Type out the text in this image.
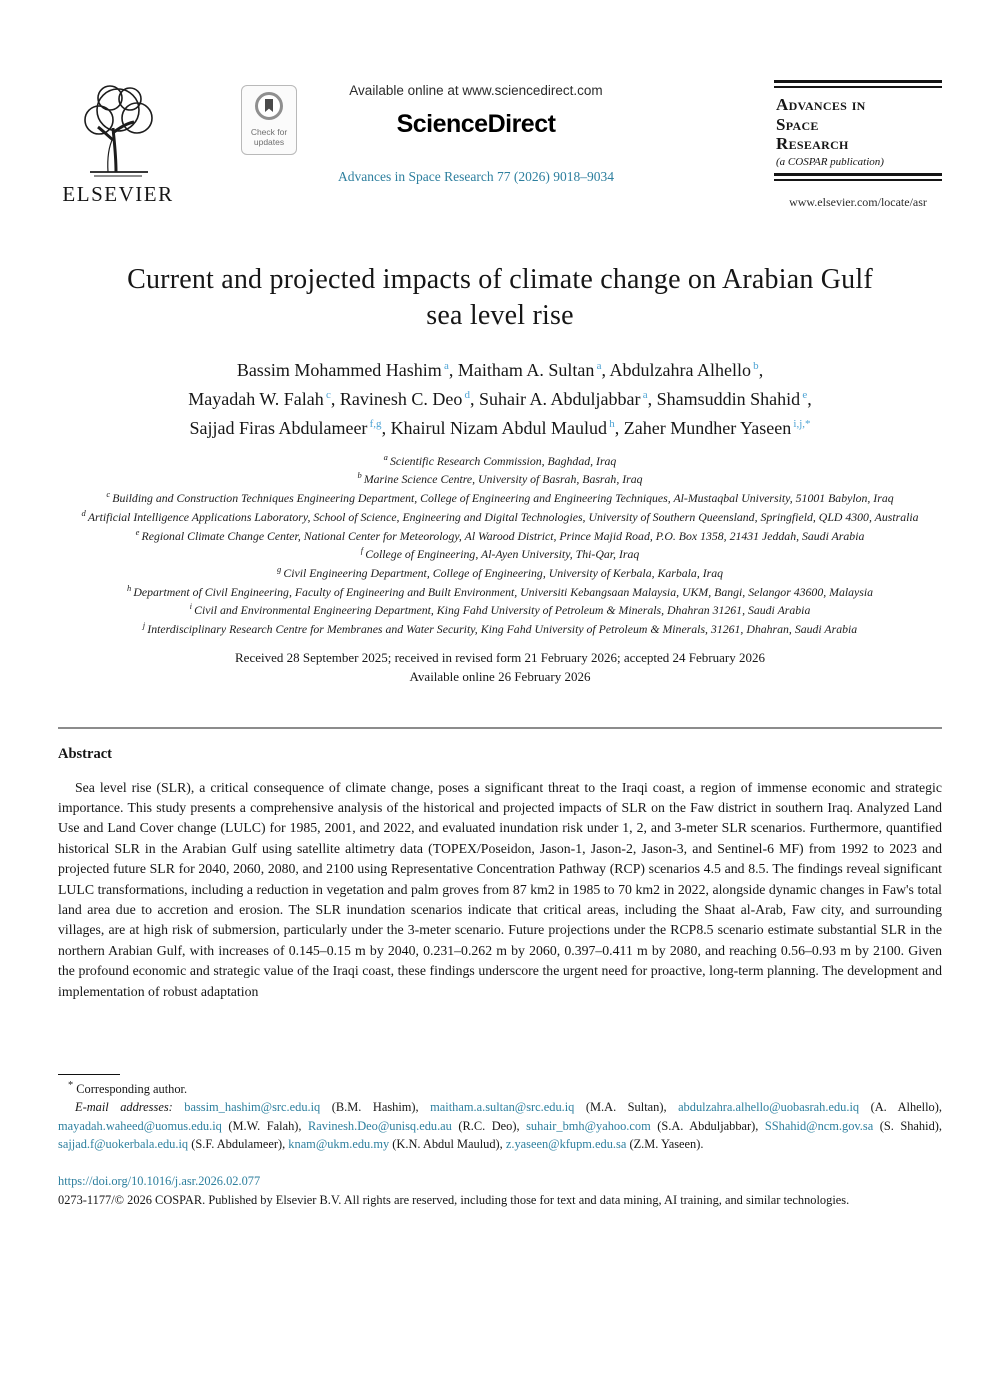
ELSEVIER
Check for
updates
Available online at www.sciencedirect.com
ScienceDirect
Advances in Space Research 77 (2026) 9018–9034
Advances in
Space
Research
(a COSPAR publication)
www.elsevier.com/locate/asr
Current and projected impacts of climate change on Arabian Gulf
sea level rise
Bassim Mohammed Hashim $^a$, Maitham A. Sultan $^a$, Abdulzahra Alhello $^b$,
Mayadah W. Falah $^c$, Ravinesh C. Deo $^d$, Suhair A. Abduljabbar $^a$, Shamsuddin Shahid $^e$,
Sajjad Firas Abdulameer $^{f,g}$, Khairul Nizam Abdul Maulud $^h$, Zaher Mundher Yaseen $^{i,j,*}$
$^a$ Scientific Research Commission, Baghdad, Iraq
$^b$ Marine Science Centre, University of Basrah, Basrah, Iraq
$^c$ Building and Construction Techniques Engineering Department, College of Engineering and Engineering Techniques, Al-Mustaqbal University, 51001 Babylon, Iraq
$^d$ Artificial Intelligence Applications Laboratory, School of Science, Engineering and Digital Technologies, University of Southern Queensland, Springfield, QLD 4300, Australia
$^e$ Regional Climate Change Center, National Center for Meteorology, Al Warood District, Prince Majid Road, P.O. Box 1358, 21431 Jeddah, Saudi Arabia
$^f$ College of Engineering, Al-Ayen University, Thi-Qar, Iraq
$^g$ Civil Engineering Department, College of Engineering, University of Kerbala, Karbala, Iraq
$^h$ Department of Civil Engineering, Faculty of Engineering and Built Environment, Universiti Kebangsaan Malaysia, UKM, Bangi, Selangor 43600, Malaysia
$^i$ Civil and Environmental Engineering Department, King Fahd University of Petroleum & Minerals, Dhahran 31261, Saudi Arabia
$^j$ Interdisciplinary Research Centre for Membranes and Water Security, King Fahd University of Petroleum & Minerals, 31261, Dhahran, Saudi Arabia
Received 28 September 2025; received in revised form 21 February 2026; accepted 24 February 2026
Available online 26 February 2026
Abstract
Sea level rise (SLR), a critical consequence of climate change, poses a significant threat to the Iraqi coast, a region of immense economic and strategic importance. This study presents a comprehensive analysis of the historical and projected impacts of SLR on the Faw district in southern Iraq. Analyzed Land Use and Land Cover change (LULC) for 1985, 2001, and 2022, and evaluated inundation risk under 1, 2, and 3-meter SLR scenarios. Furthermore, quantified historical SLR in the Arabian Gulf using satellite altimetry data (TOPEX/Poseidon, Jason-1, Jason-2, Jason-3, and Sentinel-6 MF) from 1992 to 2023 and projected future SLR for 2040, 2060, 2080, and 2100 using Representative Concentration Pathway (RCP) scenarios 4.5 and 8.5. The findings reveal significant LULC transformations, including a reduction in vegetation and palm groves from 87 km2 in 1985 to 70 km2 in 2022, alongside dynamic changes in Faw's total land area due to accretion and erosion. The SLR inundation scenarios indicate that critical areas, including the Shaat al-Arab, Faw city, and surrounding villages, are at high risk of submersion, particularly under the 3-meter scenario. Future projections under the RCP8.5 scenario estimate substantial SLR in the northern Arabian Gulf, with increases of 0.145–0.15 m by 2040, 0.231–0.262 m by 2060, 0.397–0.411 m by 2080, and reaching 0.56–0.93 m by 2100. Given the profound economic and strategic value of the Iraqi coast, these findings underscore the urgent need for proactive, long-term planning. The development and implementation of robust adaptation
* Corresponding author.
E-mail addresses: bassim_hashim@src.edu.iq (B.M. Hashim), maitham.a.sultan@src.edu.iq (M.A. Sultan), abdulzahra.alhello@uobasrah.edu.iq (A. Alhello), mayadah.waheed@uomus.edu.iq (M.W. Falah), Ravinesh.Deo@unisq.edu.au (R.C. Deo), suhair_bmh@yahoo.com (S.A. Abduljabbar), SShahid@ncm.gov.sa (S. Shahid), sajjad.f@uokerbala.edu.iq (S.F. Abdulameer), knam@ukm.edu.my (K.N. Abdul Maulud), z.yaseen@kfupm.edu.sa (Z.M. Yaseen).
https://doi.org/10.1016/j.asr.2026.02.077
0273-1177/© 2026 COSPAR. Published by Elsevier B.V. All rights are reserved, including those for text and data mining, AI training, and similar technologies.
